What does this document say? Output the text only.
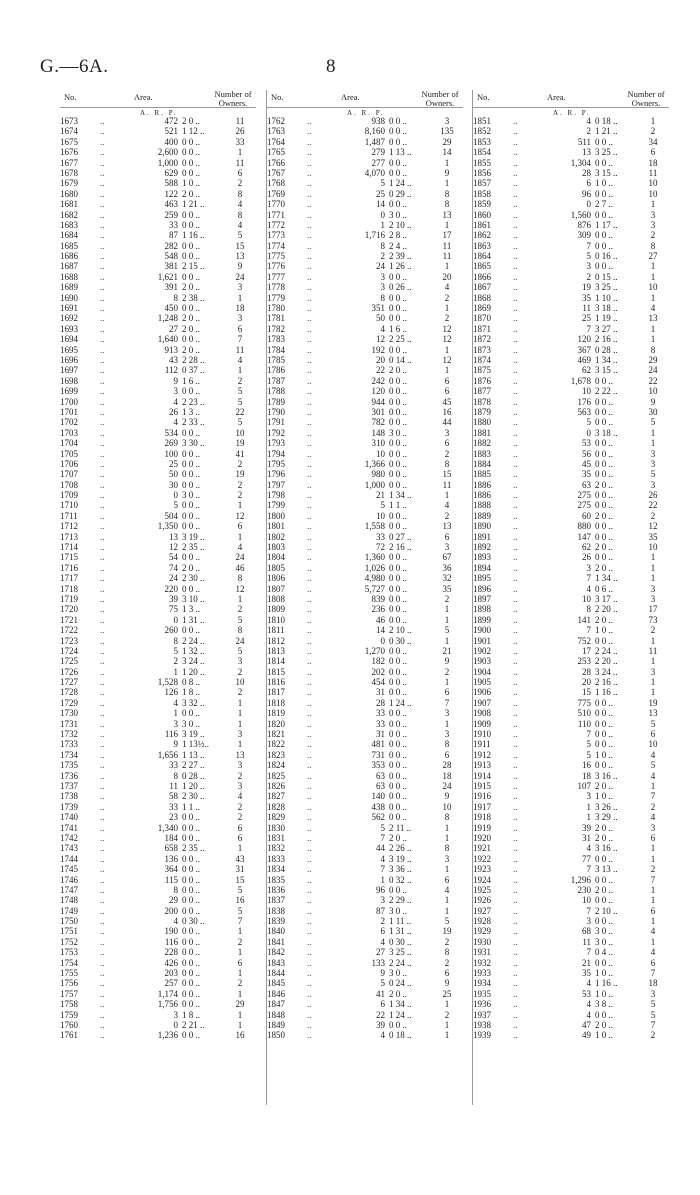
G.—6A.	8
No.	Area.	Number of Owners.
A. R. P.
1673	..	472 2 0 ..	11
1674	..	521 1 12 ..	26
1675	..	400 0 0 ..	33
1676	..	2,600 0 0 ..	1
1677	..	1,000 0 0 ..	11
1678	..	629 0 0 ..	6
1679	..	588 1 0 ..	2
1680	..	122 2 0 ..	8
1681	..	463 1 21 ..	4
1682	..	259 0 0 ..	8
1683	..	33 0 0 ..	4
1684	..	87 1 16 ..	5
1685	..	282 0 0 ..	15
1686	..	548 0 0 ..	13
1687	..	381 2 15 ..	9
1688	..	1,621 0 0 ..	24
1689	..	391 2 0 ..	3
1690	..	8 2 38 ..	1
1691	..	450 0 0 ..	18
1692	..	1,248 2 0 ..	3
1693	..	27 2 0 ..	6
1694	..	1,640 0 0 ..	7
1695	..	913 2 0 ..	11
1696	..	43 2 28 ..	4
1697	..	112 0 37 ..	1
1698	..	9 1 6 ..	2
1699	..	3 0 0 ..	5
1700	..	4 2 23 ..	5
1701	..	26 1 3 ..	22
1702	..	4 2 33 ..	5
1703	..	534 0 0 ..	10
1704	..	269 3 30 ..	19
1705	..	100 0 0 ..	41
1706	..	25 0 0 ..	2
1707	..	50 0 0 ..	19
1708	..	30 0 0 ..	2
1709	..	0 3 0 ..	2
1710	..	5 0 0 ..	1
1711	..	504 0 0 ..	12
1712	..	1,350 0 0 ..	6
1713	..	13 3 19 ..	1
1714	..	12 2 35 ..	4
1715	..	54 0 0 ..	24
1716	..	74 2 0 ..	46
1717	..	24 2 30 ..	8
1718	..	220 0 0 ..	12
1719	..	39 3 10 ..	1
1720	..	75 1 3 ..	2
1721	..	0 1 31 ..	5
1722	..	260 0 0 ..	8
1723	..	8 2 24 ..	24
1724	..	5 1 32 ..	5
1725	..	2 3 24 ..	3
1726	..	1 1 20 ..	2
1727	..	1,528 0 8 ..	10
1728	..	126 1 8 ..	2
1729	..	4 3 32 ..	1
1730	..	1 0 0 ..	1
1731	..	3 3 0 ..	1
1732	..	116 3 19 ..	3
1733	..	9 1 13½..	1
1734	..	1,656 1 13 ..	13
1735	..	33 2 27 ..	3
1736	..	8 0 28 ..	2
1737	..	11 1 20 ..	3
1738	..	58 2 30 ..	4
1739	..	33 1 1 ..	2
1740	..	23 0 0 ..	2
1741	..	1,340 0 0 ..	6
1742	..	184 0 0 ..	6
1743	..	658 2 35 ..	1
1744	..	136 0 0 ..	43
1745	..	364 0 0 ..	31
1746	..	115 0 0 ..	15
1747	..	8 0 0 ..	5
1748	..	29 0 0 ..	16
1749	..	200 0 0 ..	5
1750	..	4 0 30 ..	7
1751	..	190 0 0 ..	1
1752	..	116 0 0 ..	2
1753	..	228 0 0 ..	1
1754	..	426 0 0 ..	6
1755	..	203 0 0 ..	1
1756	..	257 0 0 ..	2
1757	..	1,174 0 0 ..	1
1758	..	1,756 0 0 ..	29
1759	..	3 1 8 ..	1
1760	..	0 2 21 ..	1
1761	..	1,236 0 0 ..	16
No.	Area.	Number of Owners.
A. R. P.
1762	..	938 0 0 ..	3
1763	..	8,160 0 0 ..	135
1764	..	1,487 0 0 ..	29
1765	..	279 1 13 ..	14
1766	..	277 0 0 ..	1
1767	..	4,070 0 0 ..	9
1768	..	5 1 24 ..	1
1769	..	25 0 29 ..	8
1770	..	14 0 0 ..	8
1771	..	0 3 0 ..	13
1772	..	1 2 10 ..	1
1773	..	1,716 2 8 ..	17
1774	..	8 2 4 ..	11
1775	..	2 2 39 ..	11
1776	..	24 1 26 ..	1
1777	..	3 0 0 ..	20
1778	..	3 0 26 ..	4
1779	..	8 0 0 ..	2
1780	..	351 0 0 ..	1
1781	..	50 0 0 ..	2
1782	..	4 1 6 ..	12
1783	..	12 2 25 ..	12
1784	..	192 0 0 ..	1
1785	..	20 0 14 ..	12
1786	..	22 2 0 ..	1
1787	..	242 0 0 ..	6
1788	..	120 0 0 ..	6
1789	..	944 0 0 ..	45
1790	..	301 0 0 ..	16
1791	..	782 0 0 ..	44
1792	..	148 3 0 ..	3
1793	..	310 0 0 ..	6
1794	..	10 0 0 ..	2
1795	..	1,366 0 0 ..	8
1796	..	980 0 0 ..	15
1797	..	1,000 0 0 ..	11
1798	..	21 1 34 ..	1
1799	..	5 1 1 ..	4
1800	..	10 0 0 ..	2
1801	..	1,558 0 0 ..	13
1802	..	33 0 27 ..	6
1803	..	72 2 16 ..	3
1804	..	1,360 0 0 ..	67
1805	..	1,026 0 0 ..	36
1806	..	4,980 0 0 ..	32
1807	..	5,727 0 0 ..	35
1808	..	839 0 0 ..	2
1809	..	236 0 0 ..	1
1810	..	46 0 0 ..	1
1811	..	14 2 10 ..	5
1812	..	0 0 30 ..	1
1813	..	1,270 0 0 ..	21
1814	..	182 0 0 ..	9
1815	..	202 0 0 ..	2
1816	..	454 0 0 ..	1
1817	..	31 0 0 ..	6
1818	..	28 1 24 ..	7
1819	..	33 0 0 ..	3
1820	..	33 0 0 ..	1
1821	..	31 0 0 ..	3
1822	..	481 0 0 ..	8
1823	..	731 0 0 ..	6
1824	..	353 0 0 ..	28
1825	..	63 0 0 ..	18
1826	..	63 0 0 ..	24
1827	..	140 0 0 ..	9
1828	..	438 0 0 ..	10
1829	..	562 0 0 ..	8
1830	..	5 2 11 ..	1
1831	..	7 2 0 ..	1
1832	..	44 2 26 ..	8
1833	..	4 3 19 ..	3
1834	..	7 3 36 ..	1
1835	..	1 0 32 ..	6
1836	..	96 0 0 ..	4
1837	..	3 2 29 ..	1
1838	..	87 3 0 ..	1
1839	..	2 1 11 ..	5
1840	..	6 1 31 ..	19
1841	..	4 0 30 ..	2
1842	..	27 3 25 ..	8
1843	..	133 2 24 ..	2
1844	..	9 3 0 ..	6
1845	..	5 0 24 ..	9
1846	..	41 2 0 ..	25
1847	..	6 1 34 ..	1
1848	..	22 1 24 ..	2
1849	..	39 0 0 ..	1
1850	..	4 0 18 ..	1
No.	Area.	Number of Owners.
A. R. P.
1851	..	4 0 18 ..	1
1852	..	2 1 21 ..	2
1853	..	511 0 0 ..	34
1854	..	13 3 25 ..	6
1855	..	1,304 0 0 ..	18
1856	..	28 3 15 ..	11
1857	..	6 1 0 ..	10
1858	..	96 0 0 ..	10
1859	..	0 2 7 ..	1
1860	..	1,560 0 0 ..	3
1861	..	876 1 17 ..	3
1862	..	309 0 0 ..	2
1863	..	7 0 0 ..	8
1864	..	5 0 16 ..	27
1865	..	3 0 0 ..	1
1866	..	2 0 15 ..	1
1867	..	19 3 25 ..	10
1868	..	35 1 10 ..	1
1869	..	11 3 18 ..	4
1870	..	25 1 19 ..	13
1871	..	7 3 27 ..	1
1872	..	120 2 16 ..	1
1873	..	367 0 28 ..	8
1874	..	469 1 34 ..	29
1875	..	62 3 15 ..	24
1876	..	1,678 0 0 ..	22
1877	..	10 2 22 ..	10
1878	..	176 0 0 ..	9
1879	..	563 0 0 ..	30
1880	..	5 0 0 ..	5
1881	..	0 3 18 ..	1
1882	..	53 0 0 ..	1
1883	..	56 0 0 ..	3
1884	..	45 0 0 ..	3
1885	..	35 0 0 ..	5
1886	..	63 2 0 ..	3
1886	..	275 0 0 ..	26
1888	..	275 0 0 ..	22
1889	..	60 2 0 ..	2
1890	..	880 0 0 ..	12
1891	..	147 0 0 ..	35
1892	..	62 2 0 ..	10
1893	..	26 0 0 ..	1
1894	..	3 2 0 ..	1
1895	..	7 1 34 ..	1
1896	..	4 0 6 ..	3
1897	..	10 3 17 ..	3
1898	..	8 2 20 ..	17
1899	..	141 2 0 ..	73
1900	..	7 1 0 ..	2
1901	..	752 0 0 ..	1
1902	..	17 2 24 ..	11
1903	..	253 2 20 ..	1
1904	..	28 3 24 ..	3
1905	..	20 2 16 ..	1
1906	..	15 1 16 ..	1
1907	..	775 0 0 ..	19
1908	..	510 0 0 ..	13
1909	..	110 0 0 ..	5
1910	..	7 0 0 ..	6
1911	..	5 0 0 ..	10
1912	..	5 1 0 ..	4
1913	..	16 0 0 ..	5
1914	..	18 3 16 ..	4
1915	..	107 2 0 ..	1
1916	..	3 1 0 ..	7
1917	..	1 3 26 ..	2
1918	..	1 3 29 ..	4
1919	..	39 2 0 ..	3
1920	..	31 2 0 ..	6
1921	..	4 3 16 ..	1
1922	..	77 0 0 ..	1
1923	..	7 3 13 ..	2
1924	..	1,296 0 0 ..	7
1925	..	230 2 0 ..	1
1926	..	10 0 0 ..	1
1927	..	7 2 10 ..	6
1928	..	3 0 0 ..	1
1929	..	68 3 0 ..	4
1930	..	11 3 0 ..	1
1931	..	7 0 4 ..	4
1932	..	21 0 0 ..	6
1933	..	35 1 0 ..	7
1934	..	4 1 16 ..	18
1935	..	53 1 0 ..	3
1936	..	4 3 8 ..	5
1937	..	4 0 0 ..	5
1938	..	47 2 0 ..	7
1939	..	49 1 0 ..	2
